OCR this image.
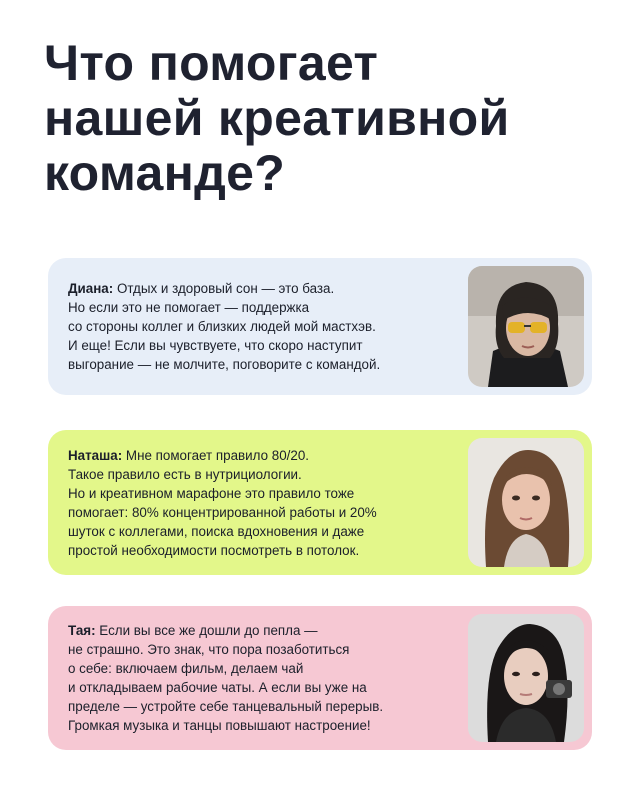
Что помогает
нашей креативной
команде?
Диана: Отдых и здоровый сон — это база.
Но если это не помогает — поддержка
со стороны коллег и близких людей мой мастхэв.
И еще! Если вы чувствуете, что скоро наступит
выгорание — не молчите, поговорите с командой.
Наташа: Мне помогает правило 80/20.
Такое правило есть в нутрициологии.
Но и креативном марафоне это правило тоже
помогает: 80% концентрированной работы и 20%
шуток с коллегами, поиска вдохновения и даже
простой необходимости посмотреть в потолок.
Тая: Если вы все же дошли до пепла —
не страшно. Это знак, что пора позаботиться
о себе: включаем фильм, делаем чай
и откладываем рабочие чаты. А если вы уже на
пределе — устройте себе танцевальный перерыв.
Громкая музыка и танцы повышают настроение!
